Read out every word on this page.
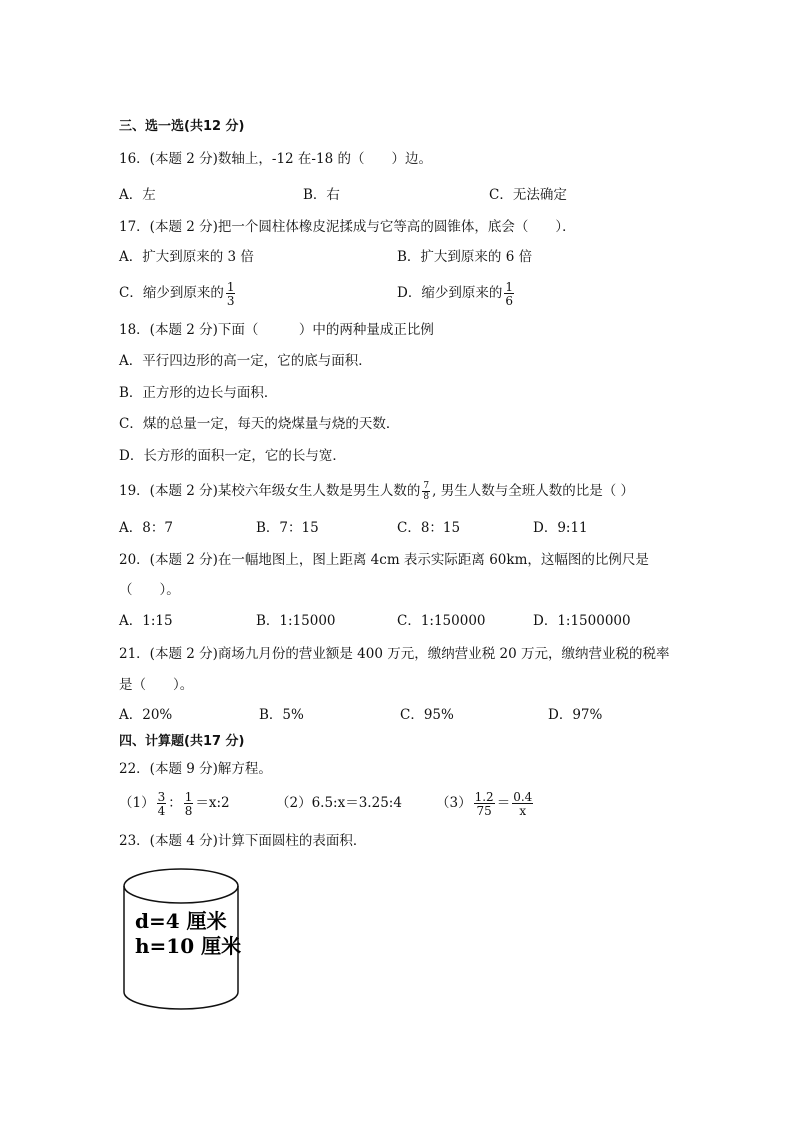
三、选一选(共12 分)
16．(本题 2 分)数轴上，-12 在-18 的（　　）边。
A．左	B．右	C．无法确定
17．(本题 2 分)把一个圆柱体橡皮泥揉成与它等高的圆锥体，底会（　　）．
A．扩大到原来的 3 倍	B．扩大到原来的 6 倍
C．缩少到原来的 $\frac{1}{3}$	D．缩少到原来的 $\frac{1}{6}$
18．(本题 2 分)下面（　　　）中的两种量成正比例
A．平行四边形的高一定，它的底与面积．
B．正方形的边长与面积．
C．煤的总量一定，每天的烧煤量与烧的天数．
D．长方形的面积一定，它的长与宽．
19．(本题 2 分)某校六年级女生人数是男生人数的 $\frac{7}{8}$ , 男生人数与全班人数的比是（ ）
A．8：7	B．7：15	C．8：15	D．9:11
20．(本题 2 分)在一幅地图上，图上距离 4cm 表示实际距离 60km，这幅图的比例尺是
（　　）。
A．1:15	B．1:15000	C．1:150000	D．1:1500000
21．(本题 2 分)商场九月份的营业额是 400 万元，缴纳营业税 20 万元，缴纳营业税的税率
是（　　）。
A．20%	B．5%	C．95%	D．97%
四、计算题(共17 分)
22．(本题 9 分)解方程。
$(1) \frac{3}{4}$ ： $\frac{1}{8}$ ＝x:2	（2）6.5:x＝3.25:4	$(3) \frac{1.2}{75} = \frac{0.4}{x}$
23．(本题 4 分)计算下面圆柱的表面积．
d=4 厘米
h=10 厘米
